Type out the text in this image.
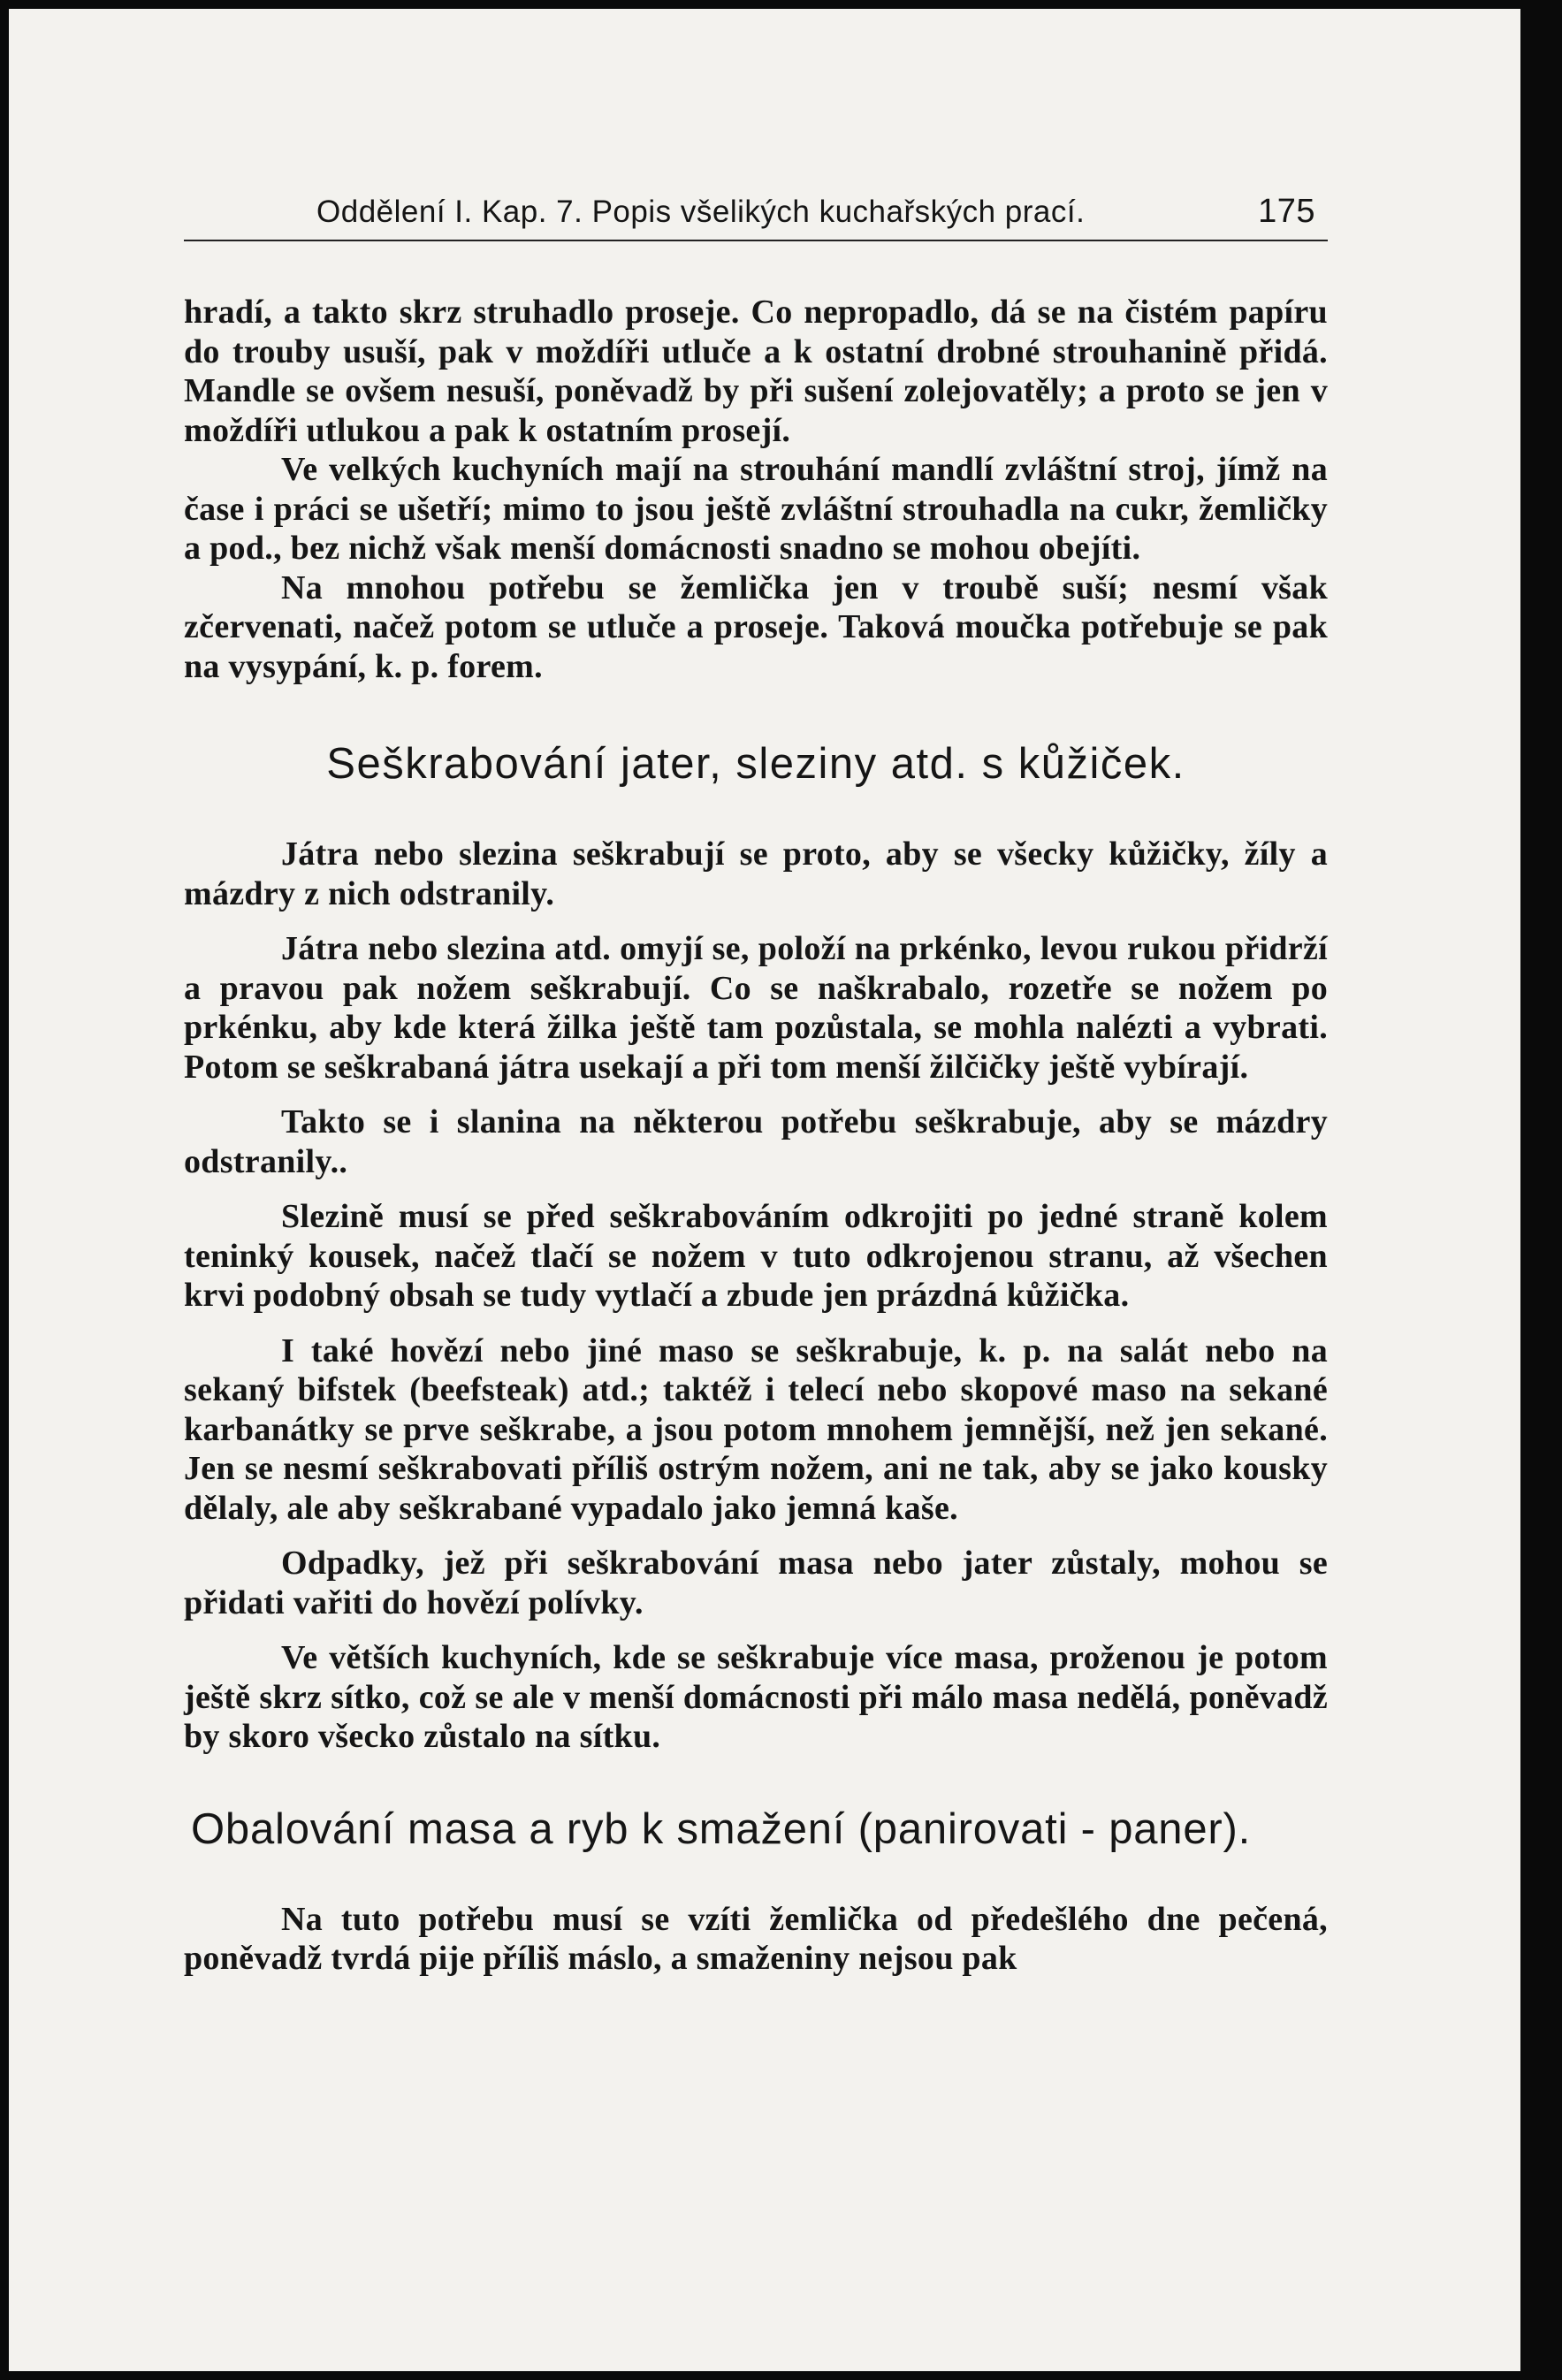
Oddělení I. Kap. 7. Popis všelikých kuchařských prací.	175

hradí, a takto skrz struhadlo proseje. Co nepropadlo, dá se na čistém papíru do trouby usuší, pak v moždíři utluče a k ostatní drobné strouhanině přidá. Mandle se ovšem nesuší, poněvadž by při sušení zolejovatěly; a proto se jen v moždíři utlukou a pak k ostatním prosejí.

Ve velkých kuchyních mají na strouhání mandlí zvláštní stroj, jímž na čase i práci se ušetří; mimo to jsou ještě zvláštní strouhadla na cukr, žemličky a pod., bez nichž však menší domácnosti snadno se mohou obejíti.

Na mnohou potřebu se žemlička jen v troubě suší; nesmí však zčervenati, načež potom se utluče a proseje. Taková moučka potřebuje se pak na vysypání, k. p. forem.

Seškrabování jater, sleziny atd. s kůžiček.

Játra nebo slezina seškrabují se proto, aby se všecky kůžičky, žíly a mázdry z nich odstranily.

Játra nebo slezina atd. omyjí se, položí na prkénko, levou rukou přidrží a pravou pak nožem seškrabují. Co se naškrabalo, rozetře se nožem po prkénku, aby kde která žilka ještě tam pozůstala, se mohla nalézti a vybrati. Potom se seškrabaná játra usekají a při tom menší žilčičky ještě vybírají.

Takto se i slanina na některou potřebu seškrabuje, aby se mázdry odstranily..

Slezině musí se před seškrabováním odkrojiti po jedné straně kolem teninký kousek, načež tlačí se nožem v tuto odkrojenou stranu, až všechen krvi podobný obsah se tudy vytlačí a zbude jen prázdná kůžička.

I také hovězí nebo jiné maso se seškrabuje, k. p. na salát nebo na sekaný bifstek (beefsteak) atd.; taktéž i telecí nebo skopové maso na sekané karbanátky se prve seškrabe, a jsou potom mnohem jemnější, než jen sekané. Jen se nesmí seškrabovati příliš ostrým nožem, ani ne tak, aby se jako kousky dělaly, ale aby seškrabané vypadalo jako jemná kaše.

Odpadky, jež při seškrabování masa nebo jater zůstaly, mohou se přidati vařiti do hovězí polívky.

Ve větších kuchyních, kde se seškrabuje více masa, proženou je potom ještě skrz sítko, což se ale v menší domácnosti při málo masa nedělá, poněvadž by skoro všecko zůstalo na sítku.

Obalování masa a ryb k smažení (panirovati - paner).

Na tuto potřebu musí se vzíti žemlička od předešlého dne pečená, poněvadž tvrdá pije příliš máslo, a smaženiny nejsou pak
